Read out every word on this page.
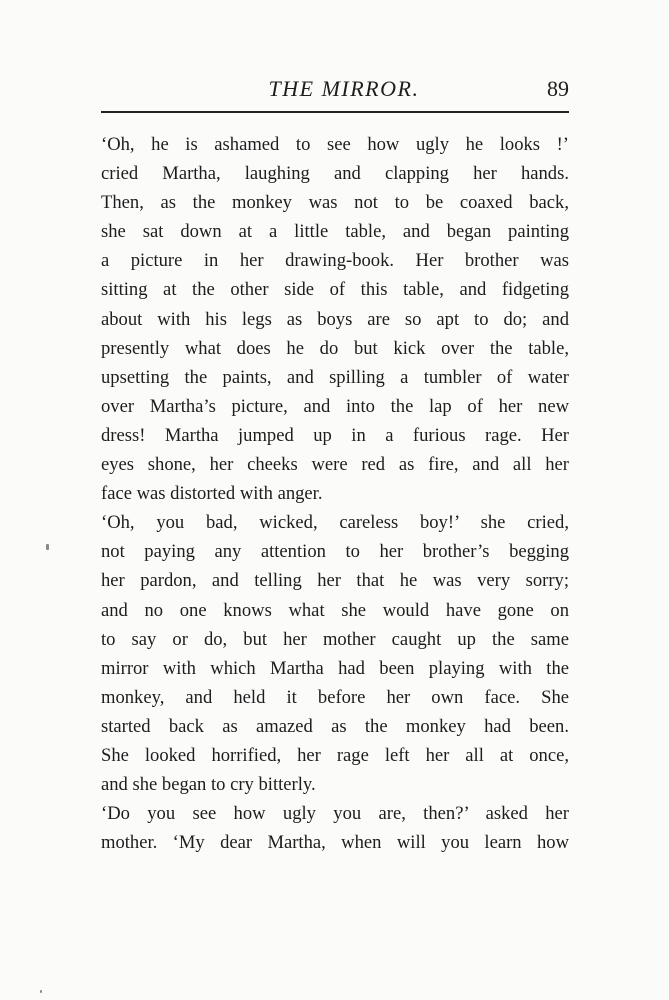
THE MIRROR.	89
‘Oh, he is ashamed to see how ugly he looks !’
cried Martha, laughing and clapping her hands.
Then, as the monkey was not to be coaxed back,
she sat down at a little table, and began painting
a picture in her drawing-book. Her brother was
sitting at the other side of this table, and fidgeting
about with his legs as boys are so apt to do; and
presently what does he do but kick over the table,
upsetting the paints, and spilling a tumbler of water
over Martha’s picture, and into the lap of her new
dress! Martha jumped up in a furious rage. Her
eyes shone, her cheeks were red as fire, and all her
face was distorted with anger.
‘Oh, you bad, wicked, careless boy!’ she cried,
not paying any attention to her brother’s begging
her pardon, and telling her that he was very sorry;
and no one knows what she would have gone on
to say or do, but her mother caught up the same
mirror with which Martha had been playing with the
monkey, and held it before her own face. She
started back as amazed as the monkey had been.
She looked horrified, her rage left her all at once,
and she began to cry bitterly.
‘Do you see how ugly you are, then?’ asked her
mother. ‘My dear Martha, when will you learn how
